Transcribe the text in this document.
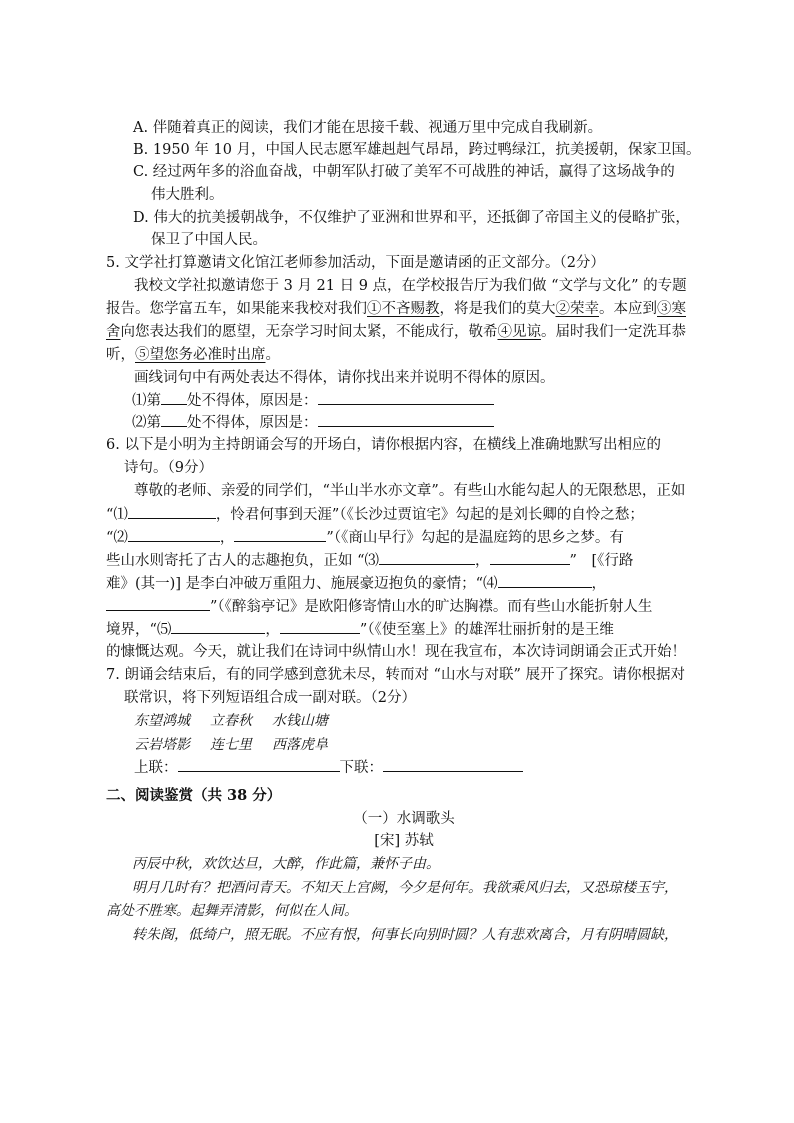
A. 伴随着真正的阅读，我们才能在思接千载、视通万里中完成自我刷新。
B. 1950 年 10 月，中国人民志愿军雄赳赳气昂昂，跨过鸭绿江，抗美援朝，保家卫国。
C. 经过两年多的浴血奋战，中朝军队打破了美军不可战胜的神话，赢得了这场战争的
伟大胜利。
D. 伟大的抗美援朝战争，不仅维护了亚洲和世界和平，还抵御了帝国主义的侵略扩张，
保卫了中国人民。
5. 文学社打算邀请文化馆江老师参加活动，下面是邀请函的正文部分。（2分）
我校文学社拟邀请您于 3 月 21 日 9 点，在学校报告厅为我们做 “文学与文化” 的专题
报告。您学富五车，如果能来我校对我们①不吝赐教，将是我们的莫大②荣幸。本应到③寒
舍向您表达我们的愿望，无奈学习时间太紧，不能成行，敬希④见谅。届时我们一定洗耳恭
听，⑤望您务必准时出席。
画线词句中有两处表达不得体，请你找出来并说明不得体的原因。
⑴第 处不得体，原因是：
⑵第 处不得体，原因是：
6. 以下是小明为主持朗诵会写的开场白，请你根据内容，在横线上准确地默写出相应的
诗句。（9分）
尊敬的老师、亲爱的同学们，“半山半水亦文章”。有些山水能勾起人的无限愁思，正如
“⑴	，怜君何事到天涯”（《长沙过贾谊宅》勾起的是刘长卿的自怜之愁；
“⑵	，	”（《商山早行》勾起的是温庭筠的思乡之梦。有
些山水则寄托了古人的志趣抱负，正如 “⑶	，	”　[《行路
难》(其一)] 是李白冲破万重阻力、施展豪迈抱负的豪情；“⑷	，
”（《醉翁亭记》是欧阳修寄情山水的旷达胸襟。而有些山水能折射人生
境界，“⑸	，	”（《使至塞上》的雄浑壮丽折射的是王维
的慷慨达观。今天，就让我们在诗词中纵情山水！现在我宣布，本次诗词朗诵会正式开始！
7. 朗诵会结束后，有的同学感到意犹未尽，转而对 “山水与对联” 展开了探究。请你根据对
联常识，将下列短语组合成一副对联。（2分）
东望鸿城 立春秋 水钱山塘
云岩塔影 连七里 西落虎阜
上联：	下联：
二、阅读鉴赏（共 38 分）
（一）水调歌头
[宋] 苏轼
丙辰中秋，欢饮达旦，大醉，作此篇，兼怀子由。
明月几时有？把酒问青天。不知天上宫阙，今夕是何年。我欲乘风归去，又恐琼楼玉宇，
高处不胜寒。起舞弄清影，何似在人间。
转朱阁，低绮户，照无眠。不应有恨，何事长向别时圆？人有悲欢离合，月有阴晴圆缺，
